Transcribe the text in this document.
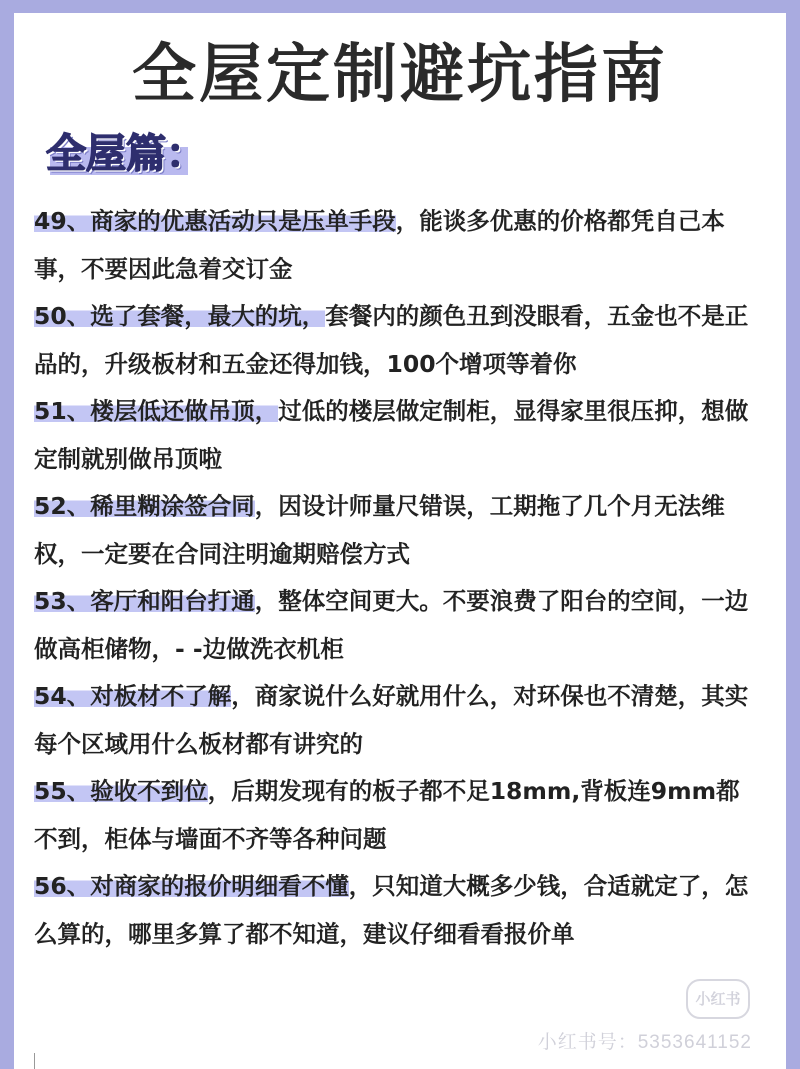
全屋定制避坑指南
全屋篇：
49、商家的优惠活动只是压单手段，能谈多优惠的价格都凭自己本事，不要因此急着交订金
50、选了套餐，最大的坑，套餐内的颜色丑到没眼看，五金也不是正品的，升级板材和五金还得加钱，100个增项等着你
51、楼层低还做吊顶，过低的楼层做定制柜，显得家里很压抑，想做定制就别做吊顶啦
52、稀里糊涂签合同，因设计师量尺错误，工期拖了几个月无法维权，一定要在合同注明逾期赔偿方式
53、客厅和阳台打通，整体空间更大。不要浪费了阳台的空间，一边做高柜储物，- -边做洗衣机柜
54、对板材不了解，商家说什么好就用什么，对环保也不清楚，其实每个区域用什么板材都有讲究的
55、验收不到位，后期发现有的板子都不足18mm,背板连9mm都不到，柜体与墙面不齐等各种问题
56、对商家的报价明细看不懂，只知道大概多少钱，合适就定了，怎么算的，哪里多算了都不知道，建议仔细看看报价单
小红书
小红书号：5353641152
